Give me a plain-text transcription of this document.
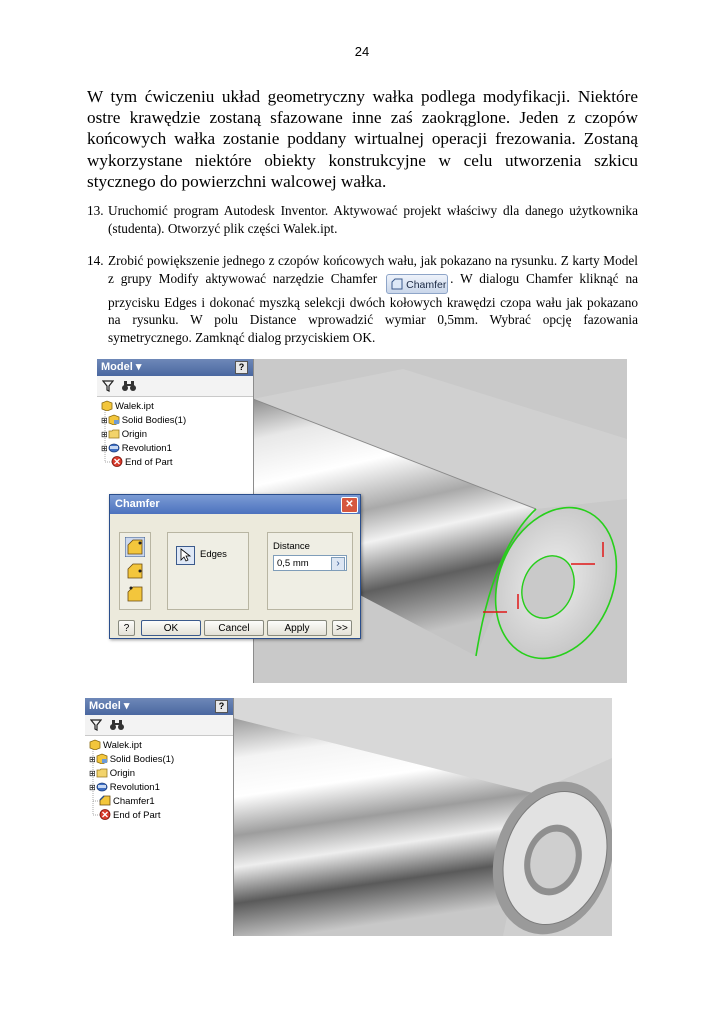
24

W tym ćwiczeniu układ geometryczny wałka podlega modyfikacji. Niektóre ostre krawędzie zostaną sfazowane inne zaś zaokrąglone. Jeden z czopów końcowych wałka zostanie poddany wirtualnej operacji frezowania. Zostaną wykorzystane niektóre obiekty konstrukcyjne w celu utworzenia szkicu stycznego do powierzchni walcowej wałka.

13. Uruchomić program Autodesk Inventor. Aktywować projekt właściwy dla danego użytkownika (studenta). Otworzyć plik części Walek.ipt.
14. Zrobić powiększenie jednego z czopów końcowych wału, jak pokazano na rysunku. Z karty Model z grupy Modify aktywować narzędzie Chamfer	Chamfer . W dialogu Chamfer kliknąć na przycisku Edges i dokonać myszką selekcji dwóch kołowych krawędzi czopa wału jak pokazano na rysunku. W polu Distance wprowadzić wymiar 0,5mm. Wybrać opcję fazowania symetrycznego. Zamknąć dialog przyciskiem OK.
Model ▾	?
Walek.ipt
⊞ Solid Bodies(1)
⊞ Origin
⊞ Revolution1
End of Part
Chamfer	✕
Edges
Distance
0,5 mm	›
?	OK	Cancel	Apply	>>
Model ▾	?
Walek.ipt
⊞ Solid Bodies(1)
⊞ Origin
⊞ Revolution1
Chamfer1
End of Part
